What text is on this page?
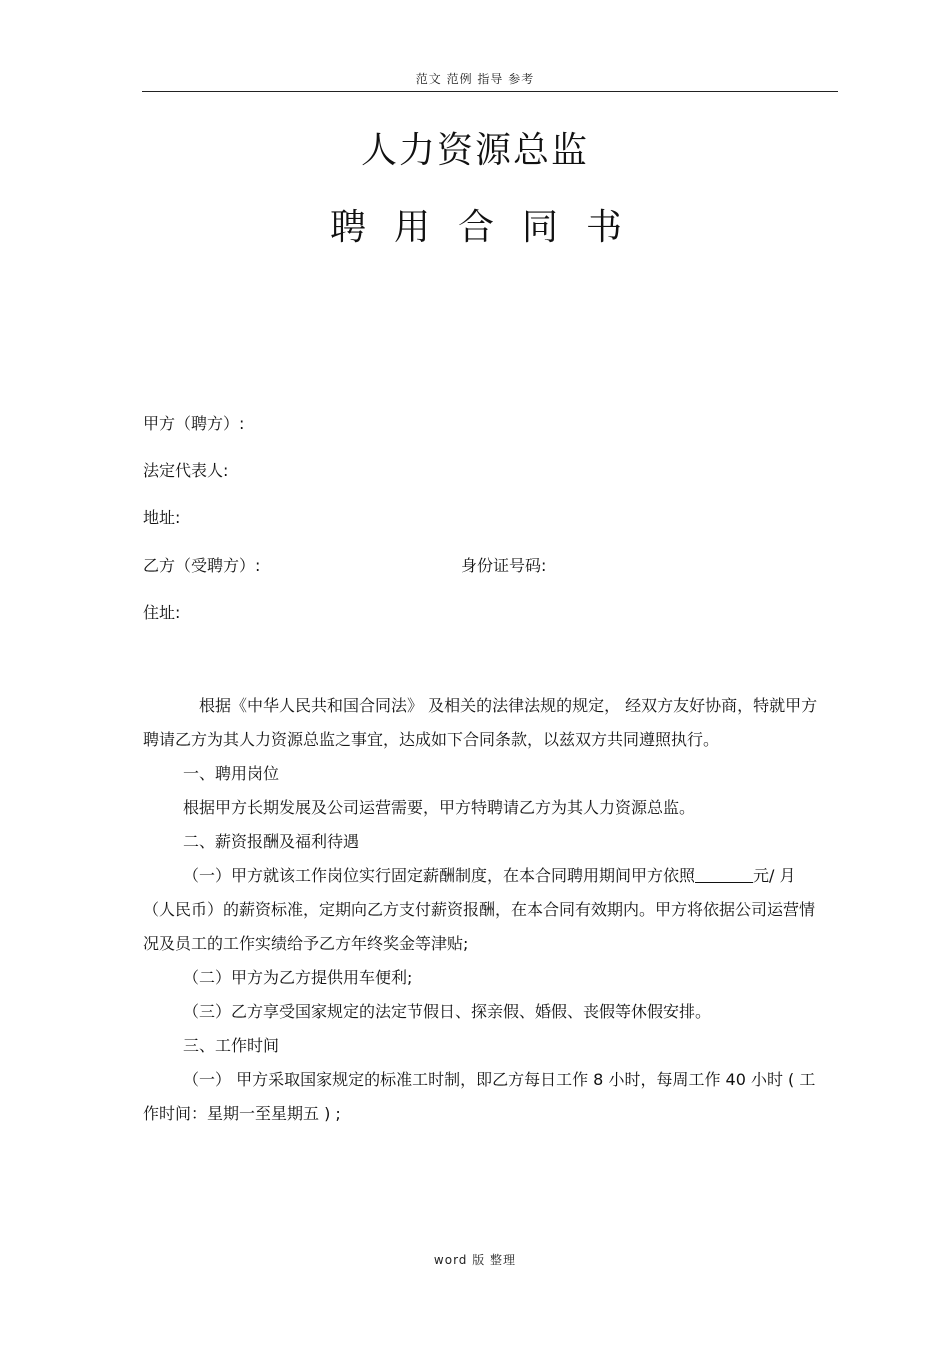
范文 范例 指导 参考
人力资源总监
聘用合同书
甲方（聘方）:
法定代表人:
地址:
乙方（受聘方）:	身份证号码:
住址:

根据《中华人民共和国合同法》 及相关的法律法规的规定， 经双方友好协商，特就甲方聘请乙方为其人力资源总监之事宜，达成如下合同条款，以兹双方共同遵照执行。

一、聘用岗位

根据甲方长期发展及公司运营需要，甲方特聘请乙方为其人力资源总监。

二、薪资报酬及福利待遇

（一）甲方就该工作岗位实行固定薪酬制度，在本合同聘用期间甲方依照	元/ 月（人民币）的薪资标准，定期向乙方支付薪资报酬，在本合同有效期内。甲方将依据公司运营情况及员工的工作实绩给予乙方年终奖金等津贴;

（二）甲方为乙方提供用车便利;

（三）乙方享受国家规定的法定节假日、探亲假、婚假、丧假等休假安排。

三、工作时间

（一） 甲方采取国家规定的标准工时制，即乙方每日工作 8 小时，每周工作 40 小时 ( 工作时间：星期一至星期五 ) ;

word 版 整理
